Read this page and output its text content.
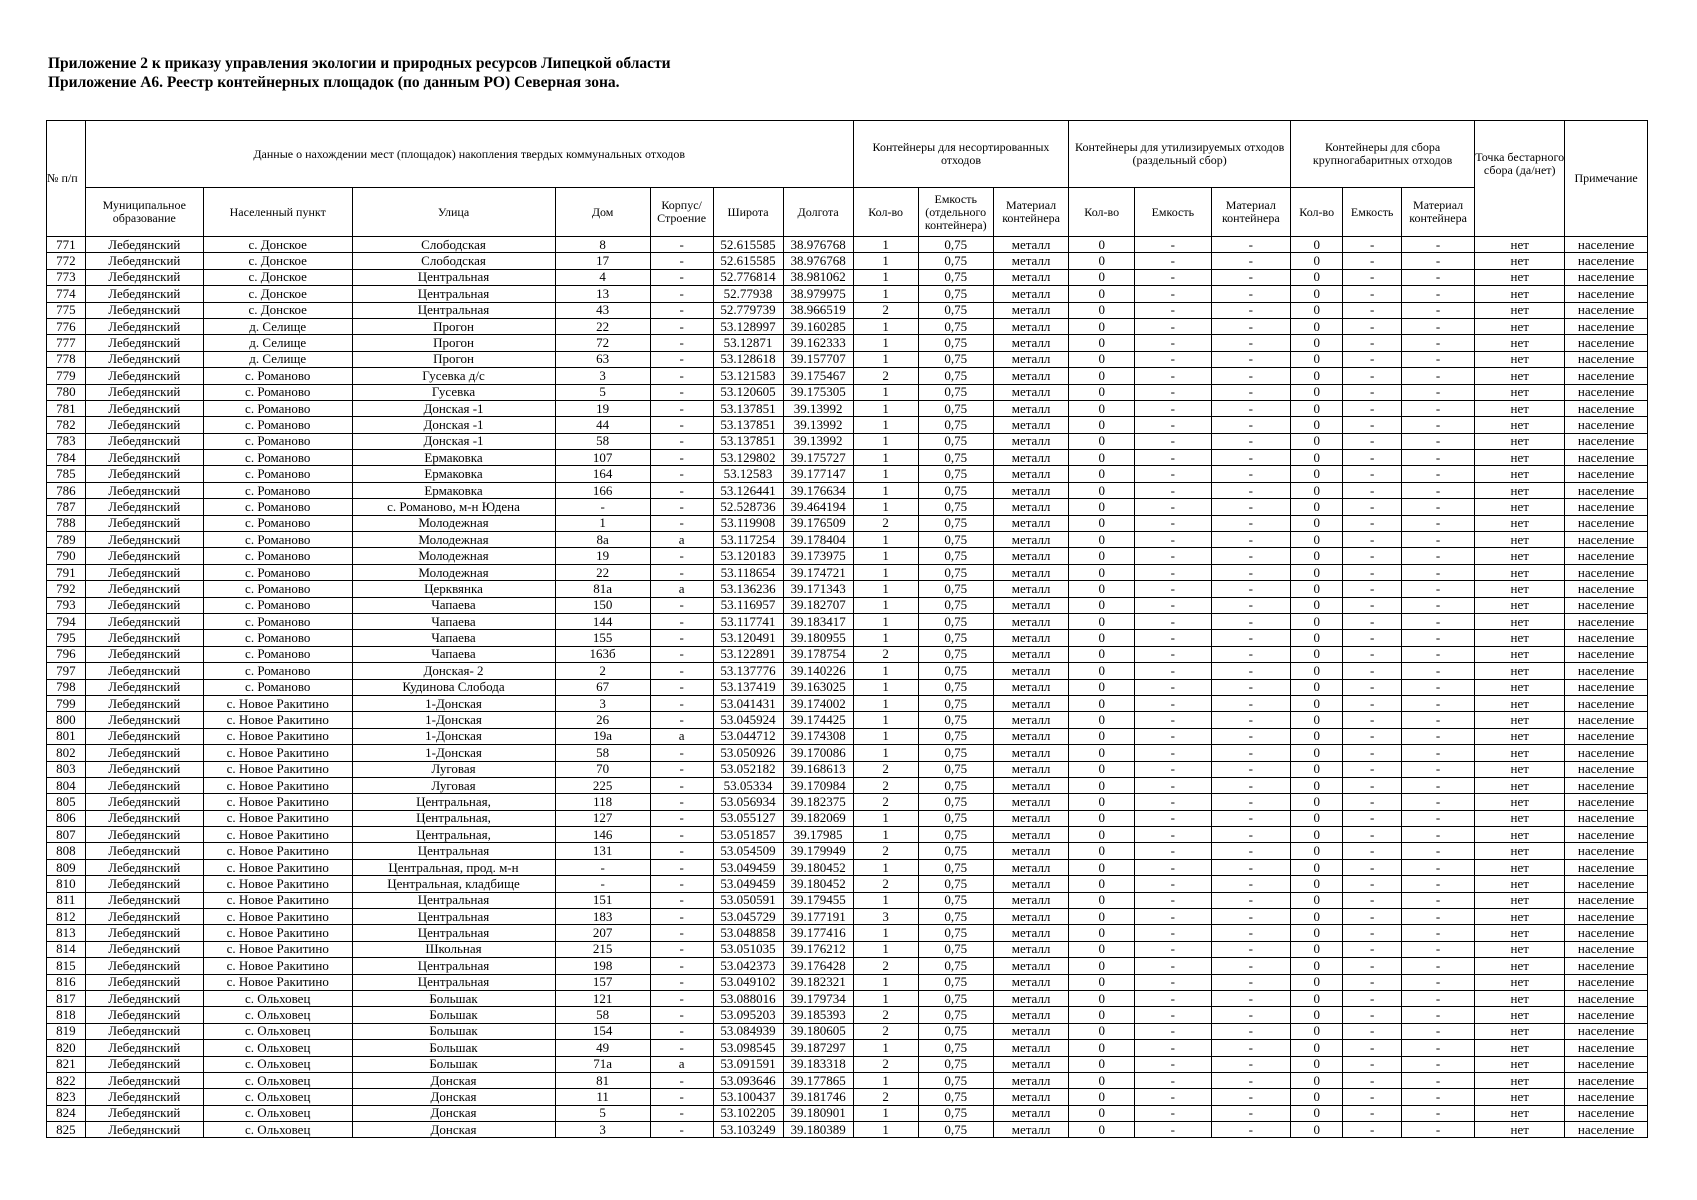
Приложение 2 к приказу управления экологии и природных ресурсов Липецкой области
Приложение А6. Реестр контейнерных площадок (по данным РО) Северная зона.
№ п/п	Данные о нахождении мест (площадок) накопления твердых коммунальных отходов							Контейнеры для несортированных отходов			Контейнеры для утилизируемых отходов (раздельный сбор)			Контейнеры для сбора крупногабаритных отходов			Точка бестарного сбора (да/нет)	Примечание
	Муниципальное образование	Населенный пункт	Улица	Дом	Корпус/ Строение	Широта	Долгота	Кол-во	Емкость (отдельного контейнера)	Материал контейнера	Кол-во	Емкость	Материал контейнера	Кол-во	Емкость	Материал контейнера		
771	Лебедянский	с. Донское	Слободская	8	-	52.615585	38.976768	1	0,75	металл	0	-	-	0	-	-	нет	население
772	Лебедянский	с. Донское	Слободская	17	-	52.615585	38.976768	1	0,75	металл	0	-	-	0	-	-	нет	население
773	Лебедянский	с. Донское	Центральная	4	-	52.776814	38.981062	1	0,75	металл	0	-	-	0	-	-	нет	население
774	Лебедянский	с. Донское	Центральная	13	-	52.77938	38.979975	1	0,75	металл	0	-	-	0	-	-	нет	население
775	Лебедянский	с. Донское	Центральная	43	-	52.779739	38.966519	2	0,75	металл	0	-	-	0	-	-	нет	население
776	Лебедянский	д. Селище	Прогон	22	-	53.128997	39.160285	1	0,75	металл	0	-	-	0	-	-	нет	население
777	Лебедянский	д. Селище	Прогон	72	-	53.12871	39.162333	1	0,75	металл	0	-	-	0	-	-	нет	население
778	Лебедянский	д. Селище	Прогон	63	-	53.128618	39.157707	1	0,75	металл	0	-	-	0	-	-	нет	население
779	Лебедянский	с. Романово	Гусевка д/с	3	-	53.121583	39.175467	2	0,75	металл	0	-	-	0	-	-	нет	население
780	Лебедянский	с. Романово	Гусевка	5	-	53.120605	39.175305	1	0,75	металл	0	-	-	0	-	-	нет	население
781	Лебедянский	с. Романово	Донская -1	19	-	53.137851	39.13992	1	0,75	металл	0	-	-	0	-	-	нет	население
782	Лебедянский	с. Романово	Донская -1	44	-	53.137851	39.13992	1	0,75	металл	0	-	-	0	-	-	нет	население
783	Лебедянский	с. Романово	Донская -1	58	-	53.137851	39.13992	1	0,75	металл	0	-	-	0	-	-	нет	население
784	Лебедянский	с. Романово	Ермаковка	107	-	53.129802	39.175727	1	0,75	металл	0	-	-	0	-	-	нет	население
785	Лебедянский	с. Романово	Ермаковка	164	-	53.12583	39.177147	1	0,75	металл	0	-	-	0	-	-	нет	население
786	Лебедянский	с. Романово	Ермаковка	166	-	53.126441	39.176634	1	0,75	металл	0	-	-	0	-	-	нет	население
787	Лебедянский	с. Романово	с. Романово, м-н Юдена	-	-	52.528736	39.464194	1	0,75	металл	0	-	-	0	-	-	нет	население
788	Лебедянский	с. Романово	Молодежная	1	-	53.119908	39.176509	2	0,75	металл	0	-	-	0	-	-	нет	население
789	Лебедянский	с. Романово	Молодежная	8а	а	53.117254	39.178404	1	0,75	металл	0	-	-	0	-	-	нет	население
790	Лебедянский	с. Романово	Молодежная	19	-	53.120183	39.173975	1	0,75	металл	0	-	-	0	-	-	нет	население
791	Лебедянский	с. Романово	Молодежная	22	-	53.118654	39.174721	1	0,75	металл	0	-	-	0	-	-	нет	население
792	Лебедянский	с. Романово	Церквянка	81а	а	53.136236	39.171343	1	0,75	металл	0	-	-	0	-	-	нет	население
793	Лебедянский	с. Романово	Чапаева	150	-	53.116957	39.182707	1	0,75	металл	0	-	-	0	-	-	нет	население
794	Лебедянский	с. Романово	Чапаева	144	-	53.117741	39.183417	1	0,75	металл	0	-	-	0	-	-	нет	население
795	Лебедянский	с. Романово	Чапаева	155	-	53.120491	39.180955	1	0,75	металл	0	-	-	0	-	-	нет	население
796	Лебедянский	с. Романово	Чапаева	163б	-	53.122891	39.178754	2	0,75	металл	0	-	-	0	-	-	нет	население
797	Лебедянский	с. Романово	Донская- 2	2	-	53.137776	39.140226	1	0,75	металл	0	-	-	0	-	-	нет	население
798	Лебедянский	с. Романово	Кудинова Слобода	67	-	53.137419	39.163025	1	0,75	металл	0	-	-	0	-	-	нет	население
799	Лебедянский	с. Новое Ракитино	1-Донская	3	-	53.041431	39.174002	1	0,75	металл	0	-	-	0	-	-	нет	население
800	Лебедянский	с. Новое Ракитино	1-Донская	26	-	53.045924	39.174425	1	0,75	металл	0	-	-	0	-	-	нет	население
801	Лебедянский	с. Новое Ракитино	1-Донская	19а	а	53.044712	39.174308	1	0,75	металл	0	-	-	0	-	-	нет	население
802	Лебедянский	с. Новое Ракитино	1-Донская	58	-	53.050926	39.170086	1	0,75	металл	0	-	-	0	-	-	нет	население
803	Лебедянский	с. Новое Ракитино	Луговая	70	-	53.052182	39.168613	2	0,75	металл	0	-	-	0	-	-	нет	население
804	Лебедянский	с. Новое Ракитино	Луговая	225	-	53.05334	39.170984	2	0,75	металл	0	-	-	0	-	-	нет	население
805	Лебедянский	с. Новое Ракитино	Центральная,	118	-	53.056934	39.182375	2	0,75	металл	0	-	-	0	-	-	нет	население
806	Лебедянский	с. Новое Ракитино	Центральная,	127	-	53.055127	39.182069	1	0,75	металл	0	-	-	0	-	-	нет	население
807	Лебедянский	с. Новое Ракитино	Центральная,	146	-	53.051857	39.17985	1	0,75	металл	0	-	-	0	-	-	нет	население
808	Лебедянский	с. Новое Ракитино	Центральная	131	-	53.054509	39.179949	2	0,75	металл	0	-	-	0	-	-	нет	население
809	Лебедянский	с. Новое Ракитино	Центральная, прод. м-н	-	-	53.049459	39.180452	1	0,75	металл	0	-	-	0	-	-	нет	население
810	Лебедянский	с. Новое Ракитино	Центральная, кладбище	-	-	53.049459	39.180452	2	0,75	металл	0	-	-	0	-	-	нет	население
811	Лебедянский	с. Новое Ракитино	Центральная	151	-	53.050591	39.179455	1	0,75	металл	0	-	-	0	-	-	нет	население
812	Лебедянский	с. Новое Ракитино	Центральная	183	-	53.045729	39.177191	3	0,75	металл	0	-	-	0	-	-	нет	население
813	Лебедянский	с. Новое Ракитино	Центральная	207	-	53.048858	39.177416	1	0,75	металл	0	-	-	0	-	-	нет	население
814	Лебедянский	с. Новое Ракитино	Школьная	215	-	53.051035	39.176212	1	0,75	металл	0	-	-	0	-	-	нет	население
815	Лебедянский	с. Новое Ракитино	Центральная	198	-	53.042373	39.176428	2	0,75	металл	0	-	-	0	-	-	нет	население
816	Лебедянский	с. Новое Ракитино	Центральная	157	-	53.049102	39.182321	1	0,75	металл	0	-	-	0	-	-	нет	население
817	Лебедянский	с. Ольховец	Большак	121	-	53.088016	39.179734	1	0,75	металл	0	-	-	0	-	-	нет	население
818	Лебедянский	с. Ольховец	Большак	58	-	53.095203	39.185393	2	0,75	металл	0	-	-	0	-	-	нет	население
819	Лебедянский	с. Ольховец	Большак	154	-	53.084939	39.180605	2	0,75	металл	0	-	-	0	-	-	нет	население
820	Лебедянский	с. Ольховец	Большак	49	-	53.098545	39.187297	1	0,75	металл	0	-	-	0	-	-	нет	население
821	Лебедянский	с. Ольховец	Большак	71а	а	53.091591	39.183318	2	0,75	металл	0	-	-	0	-	-	нет	население
822	Лебедянский	с. Ольховец	Донская	81	-	53.093646	39.177865	1	0,75	металл	0	-	-	0	-	-	нет	население
823	Лебедянский	с. Ольховец	Донская	11	-	53.100437	39.181746	2	0,75	металл	0	-	-	0	-	-	нет	население
824	Лебедянский	с. Ольховец	Донская	5	-	53.102205	39.180901	1	0,75	металл	0	-	-	0	-	-	нет	население
825	Лебедянский	с. Ольховец	Донская	3	-	53.103249	39.180389	1	0,75	металл	0	-	-	0	-	-	нет	население
